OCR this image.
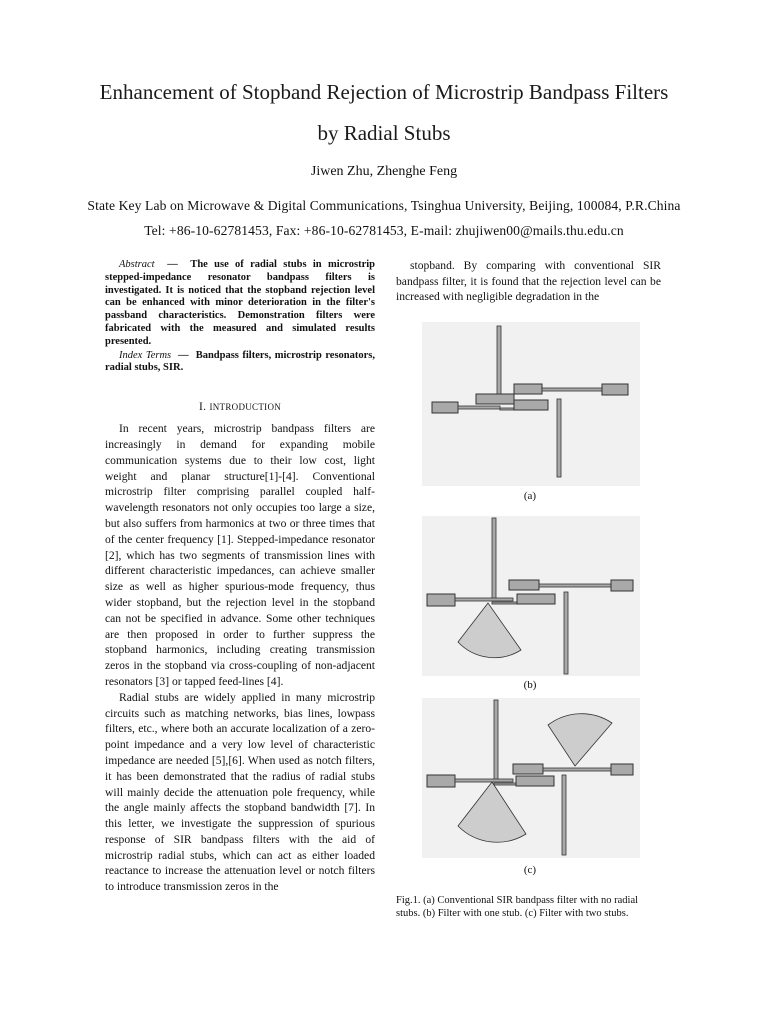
Enhancement of Stopband Rejection of Microstrip Bandpass Filters
by Radial Stubs
Jiwen Zhu, Zhenghe Feng
State Key Lab on Microwave & Digital Communications, Tsinghua University, Beijing, 100084, P.R.China
Tel: +86-10-62781453, Fax: +86-10-62781453, E-mail: zhujiwen00@mails.thu.edu.cn

Abstract  —  The use of radial stubs in microstrip stepped-impedance resonator bandpass filters is investigated. It is noticed that the stopband rejection level can be enhanced with minor deterioration in the filter's passband characteristics. Demonstration filters were fabricated with the measured and simulated results presented.

Index Terms  —  Bandpass filters, microstrip resonators, radial stubs, SIR.

I. INTRODUCTION

In recent years, microstrip bandpass filters are increasingly in demand for expanding mobile communication systems due to their low cost, light weight and planar structure[1]-[4]. Conventional microstrip filter comprising parallel coupled half-wavelength resonators not only occupies too large a size, but also suffers from harmonics at two or three times that of the center frequency [1]. Stepped-impedance resonator [2], which has two segments of transmission lines with different characteristic impedances, can achieve smaller size as well as higher spurious-mode frequency, thus wider stopband, but the rejection level in the stopband can not be specified in advance. Some other techniques are then proposed in order to further suppress the stopband harmonics, including creating transmission zeros in the stopband via cross-coupling of non-adjacent resonators [3] or tapped feed-lines [4].

Radial stubs are widely applied in many microstrip circuits such as matching networks, bias lines, lowpass filters, etc., where both an accurate localization of a zero-point impedance and a very low level of characteristic impedance are needed [5],[6]. When used as notch filters, it has been demonstrated that the radius of radial stubs will mainly decide the attenuation pole frequency, while the angle mainly affects the stopband bandwidth [7]. In this letter, we investigate the suppression of spurious response of SIR bandpass filters with the aid of microstrip radial stubs, which can act as either loaded reactance to increase the attenuation level or notch filters to introduce transmission zeros in the

stopband. By comparing with conventional SIR bandpass filter, it is found that the rejection level can be increased with negligible degradation in the

(a)
(b)
(c)
Fig.1. (a) Conventional SIR bandpass filter with no radial stubs. (b) Filter with one stub. (c) Filter with two stubs.
